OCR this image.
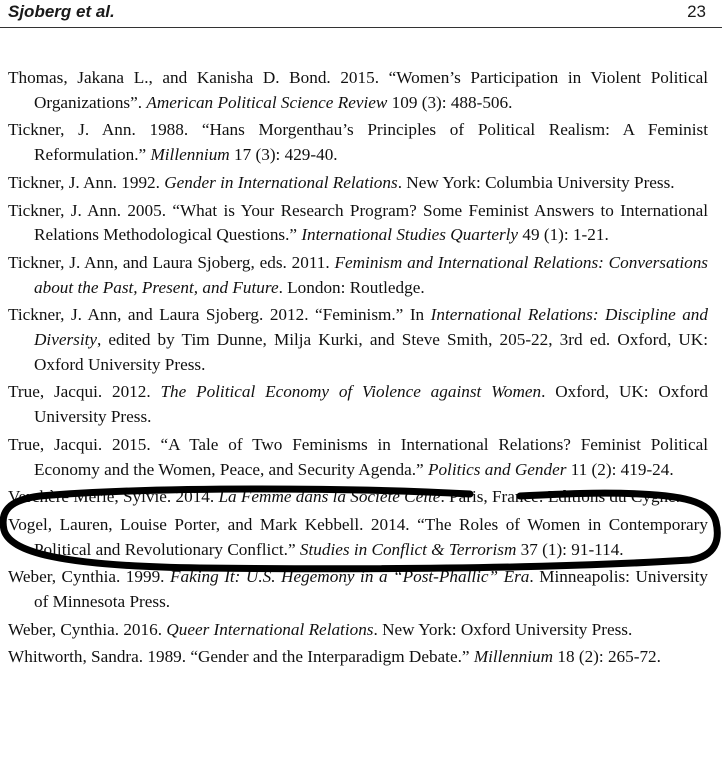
Sjoberg et al.	23

Thomas, Jakana L., and Kanisha D. Bond. 2015. “Women’s Participation in Violent Political Organizations”. American Political Science Review 109 (3): 488-506.

Tickner, J. Ann. 1988. “Hans Morgenthau’s Principles of Political Realism: A Feminist Reformulation.” Millennium 17 (3): 429-40.

Tickner, J. Ann. 1992. Gender in International Relations. New York: Columbia University Press.

Tickner, J. Ann. 2005. “What is Your Research Program? Some Feminist Answers to International Relations Methodological Questions.” International Studies Quarterly 49 (1): 1-21.

Tickner, J. Ann, and Laura Sjoberg, eds. 2011. Feminism and International Relations: Conversations about the Past, Present, and Future. London: Routledge.

Tickner, J. Ann, and Laura Sjoberg. 2012. “Feminism.” In International Relations: Discipline and Diversity, edited by Tim Dunne, Milja Kurki, and Steve Smith, 205-22, 3rd ed. Oxford, UK: Oxford University Press.

True, Jacqui. 2012. The Political Economy of Violence against Women. Oxford, UK: Oxford University Press.

True, Jacqui. 2015. “A Tale of Two Feminisms in International Relations? Feminist Political Economy and the Women, Peace, and Security Agenda.” Politics and Gender 11 (2): 419-24.

Verchère Merle, Sylvie. 2014. La Femme dans la Société Celte. Paris, France: Editions du Cygne.

Vogel, Lauren, Louise Porter, and Mark Kebbell. 2014. “The Roles of Women in Contemporary Political and Revolutionary Conflict.” Studies in Conflict & Terrorism 37 (1): 91-114.

Weber, Cynthia. 1999. Faking It: U.S. Hegemony in a “Post-Phallic” Era. Minneapolis: University of Minnesota Press.

Weber, Cynthia. 2016. Queer International Relations. New York: Oxford University Press.

Whitworth, Sandra. 1989. “Gender and the Interparadigm Debate.” Millennium 18 (2): 265-72.
